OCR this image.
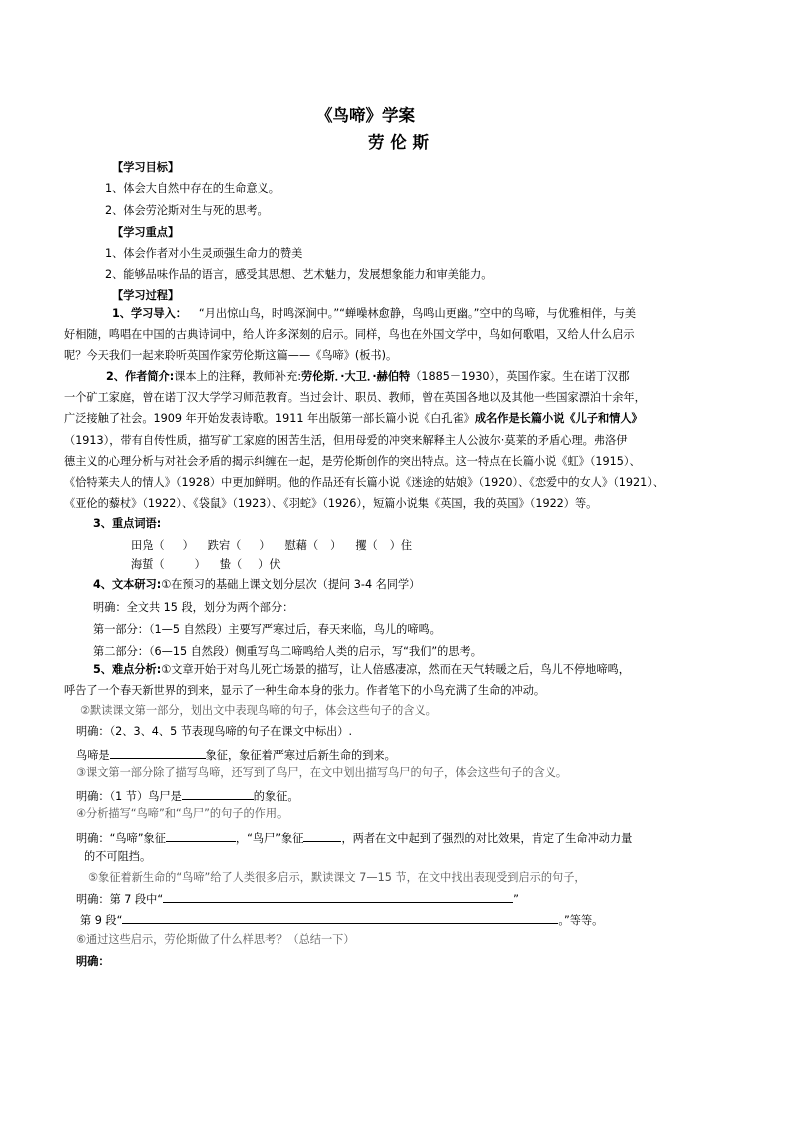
《鸟啼》学案
劳 伦 斯
【学习目标】
1、体会大自然中存在的生命意义。
2、体会劳沦斯对生与死的思考。
【学习重点】
1、体会作者对小生灵顽强生命力的赞美
2、能够品味作品的语言，感受其思想、艺术魅力，发展想象能力和审美能力。
【学习过程】
1、学习导入： “月出惊山鸟，时鸣深涧中。”“蝉噪林愈静，鸟鸣山更幽。”空中的鸟啼，与优雅相伴，与美
好相随，鸣唱在中国的古典诗词中，给人许多深刻的启示。同样，鸟也在外国文学中，鸟如何歌唱，又给人什么启示
呢？今天我们一起来聆听英国作家劳伦斯这篇——《鸟啼》(板书)。
2、作者简介:课本上的注释，教师补充:劳伦斯．·大卫．·赫伯特（1885－1930），英国作家。生在诺丁汉郡
一个矿工家庭，曾在诺丁汉大学学习师范教育。当过会计、职员、教师，曾在英国各地以及其他一些国家漂泊十余年，
广泛接触了社会。1909 年开始发表诗歌。1911 年出版第一部长篇小说《白孔雀》成名作是长篇小说《儿子和情人》
（1913），带有自传性质，描写矿工家庭的困苦生活，但用母爱的冲突来解释主人公波尔·莫莱的矛盾心理。弗洛伊
德主义的心理分析与对社会矛盾的揭示纠缠在一起，是劳伦斯创作的突出特点。这一特点在长篇小说《虹》（1915）、
《恰特莱夫人的情人》（1928）中更加鲜明。他的作品还有长篇小说《迷途的姑娘》（1920）、《恋爱中的女人》（1921）、
《亚伦的藜杖》（1922）、《袋鼠》（1923）、《羽蛇》（1926），短篇小说集《英国，我的英国》（1922）等。
3、重点词语:
田凫（ ） 跌宕（ ） 慰藉（ ） 攫（ ）住
海蜇（	） 蛰（ ）伏
4、文本研习:①在预习的基础上课文划分层次（提问 3-4 名同学）
明确：全文共 15 段，划分为两个部分：
第一部分：（1—5 自然段）主要写严寒过后，春天来临，鸟儿的啼鸣。
第二部分：（6—15 自然段）侧重写鸟二啼鸣给人类的启示，写“我们”的思考。
5、难点分析:①文章开始于对鸟儿死亡场景的描写，让人倍感凄凉，然而在天气转暖之后，鸟儿不停地啼鸣，
呼告了一个春天新世界的到来，显示了一种生命本身的张力。作者笔下的小鸟充满了生命的冲动。
②默读课文第一部分，划出文中表现鸟啼的句子，体会这些句子的含义。
明确：（2、3、4、5 节表现鸟啼的句子在课文中标出）.
鸟啼是	象征，象征着严寒过后新生命的到来。
③课文第一部分除了描写鸟啼，还写到了鸟尸，在文中划出描写鸟尸的句子，体会这些句子的含义。
明确：（1 节）鸟尸是	的象征。
④分析描写“鸟啼”和“鸟尸”的句子的作用。
明确：“鸟啼”象征	，“鸟尸”象征	，两者在文中起到了强烈的对比效果，肯定了生命冲动力量
的不可阻挡。
⑤象征着新生命的“鸟啼”给了人类很多启示，默读课文 7—15 节，在文中找出表现受到启示的句子，
明确：第 7 段中“	”
第 9 段“	。”等等。
⑥通过这些启示，劳伦斯做了什么样思考？（总结一下）
明确：
